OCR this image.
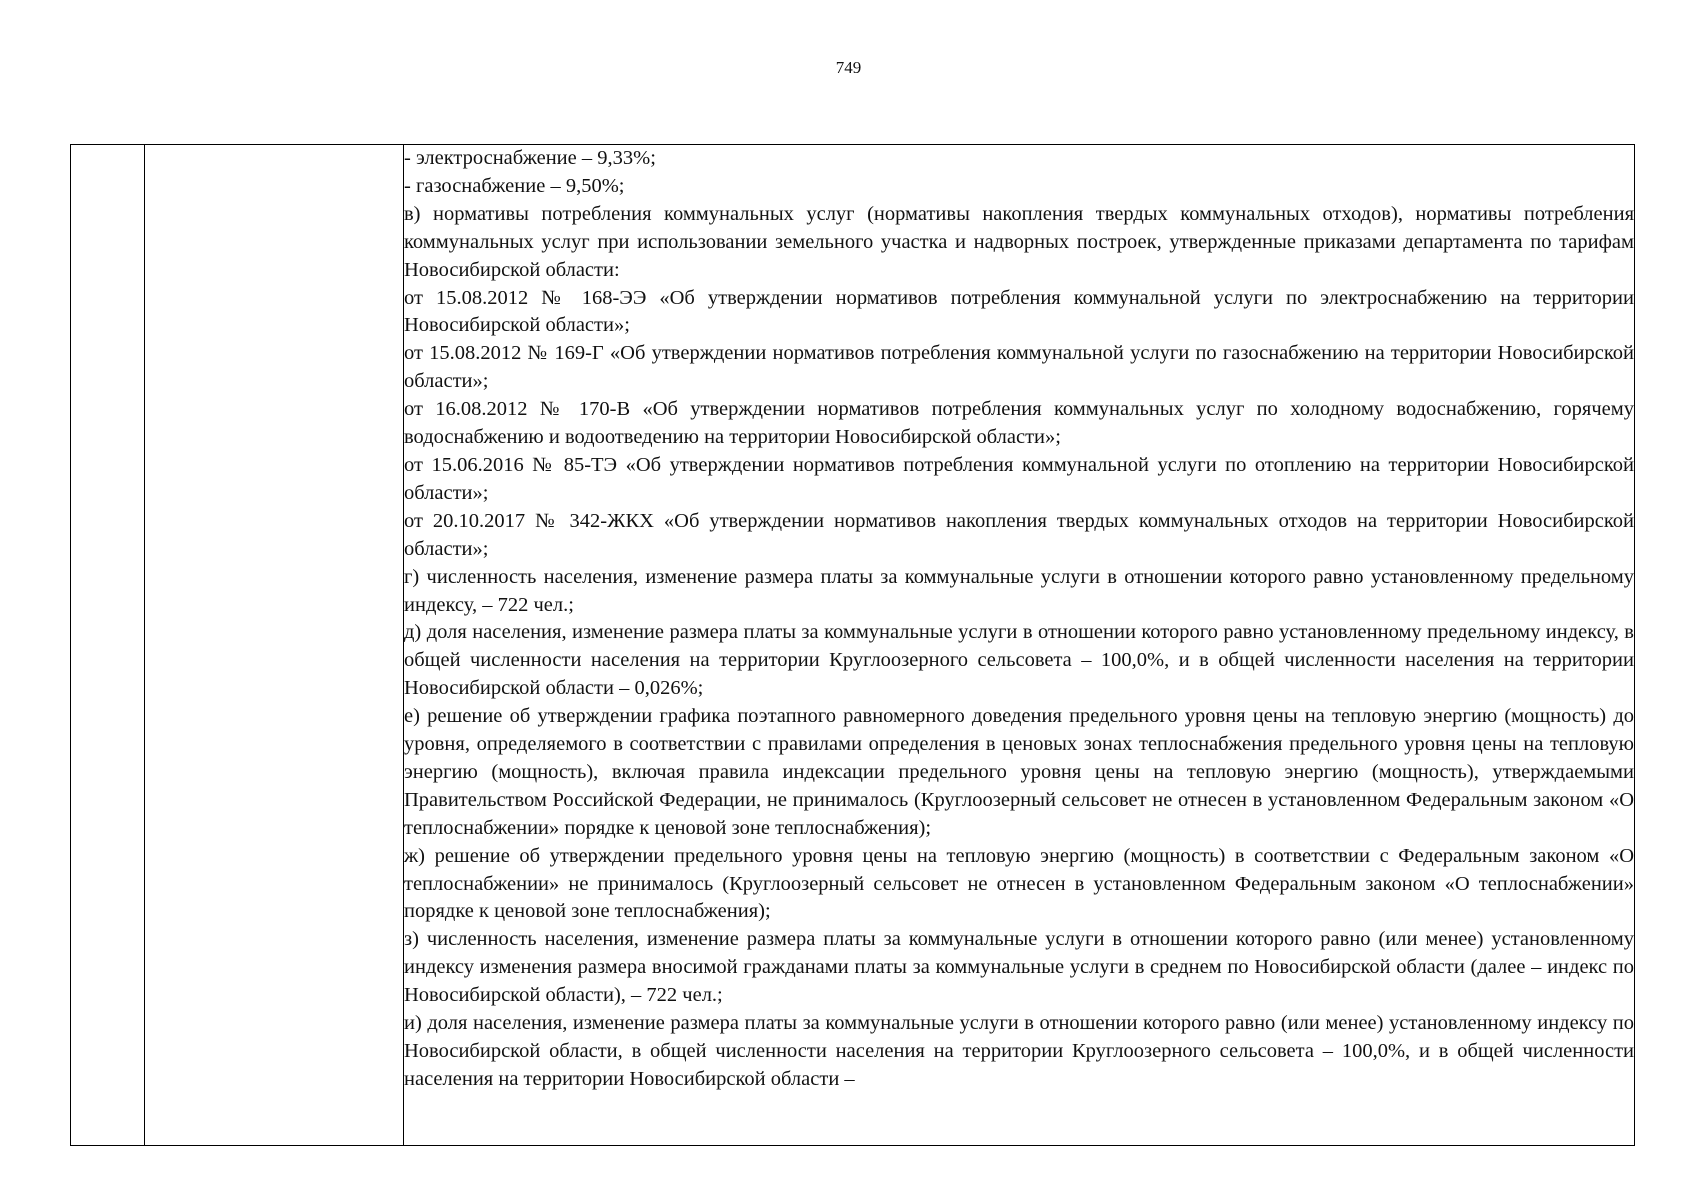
749

- электроснабжение – 9,33%;

- газоснабжение – 9,50%;

в) нормативы потребления коммунальных услуг (нормативы накопления твердых коммунальных отходов), нормативы потребления коммунальных услуг при использовании земельного участка и надворных построек, утвержденные приказами департамента по тарифам Новосибирской области:

от 15.08.2012 № 168-ЭЭ «Об утверждении нормативов потребления коммунальной услуги по электроснабжению на территории Новосибирской области»;

от 15.08.2012 № 169-Г «Об утверждении нормативов потребления коммунальной услуги по газоснабжению на территории Новосибирской области»;

от 16.08.2012 № 170-В «Об утверждении нормативов потребления коммунальных услуг по холодному водоснабжению, горячему водоснабжению и водоотведению на территории Новосибирской области»;

от 15.06.2016 № 85-ТЭ «Об утверждении нормативов потребления коммунальной услуги по отоплению на территории Новосибирской области»;

от 20.10.2017 № 342-ЖКХ «Об утверждении нормативов накопления твердых коммунальных отходов на территории Новосибирской области»;

г) численность населения, изменение размера платы за коммунальные услуги в отношении которого равно установленному предельному индексу, – 722 чел.;

д) доля населения, изменение размера платы за коммунальные услуги в отношении которого равно установленному предельному индексу, в общей численности населения на территории Круглоозерного сельсовета – 100,0%, и в общей численности населения на территории Новосибирской области – 0,026%;

е) решение об утверждении графика поэтапного равномерного доведения предельного уровня цены на тепловую энергию (мощность) до уровня, определяемого в соответствии с правилами определения в ценовых зонах теплоснабжения предельного уровня цены на тепловую энергию (мощность), включая правила индексации предельного уровня цены на тепловую энергию (мощность), утверждаемыми Правительством Российской Федерации, не принималось (Круглоозерный сельсовет не отнесен в установленном Федеральным законом «О теплоснабжении» порядке к ценовой зоне теплоснабжения);

ж) решение об утверждении предельного уровня цены на тепловую энергию (мощность) в соответствии с Федеральным законом «О теплоснабжении» не принималось (Круглоозерный сельсовет не отнесен в установленном Федеральным законом «О теплоснабжении» порядке к ценовой зоне теплоснабжения);

з) численность населения, изменение размера платы за коммунальные услуги в отношении которого равно (или менее) установленному индексу изменения размера вносимой гражданами платы за коммунальные услуги в среднем по Новосибирской области (далее – индекс по Новосибирской области), – 722 чел.;

и) доля населения, изменение размера платы за коммунальные услуги в отношении которого равно (или менее) установленному индексу по Новосибирской области, в общей численности населения на территории Круглоозерного сельсовета – 100,0%, и в общей численности населения на территории Новосибирской области –
